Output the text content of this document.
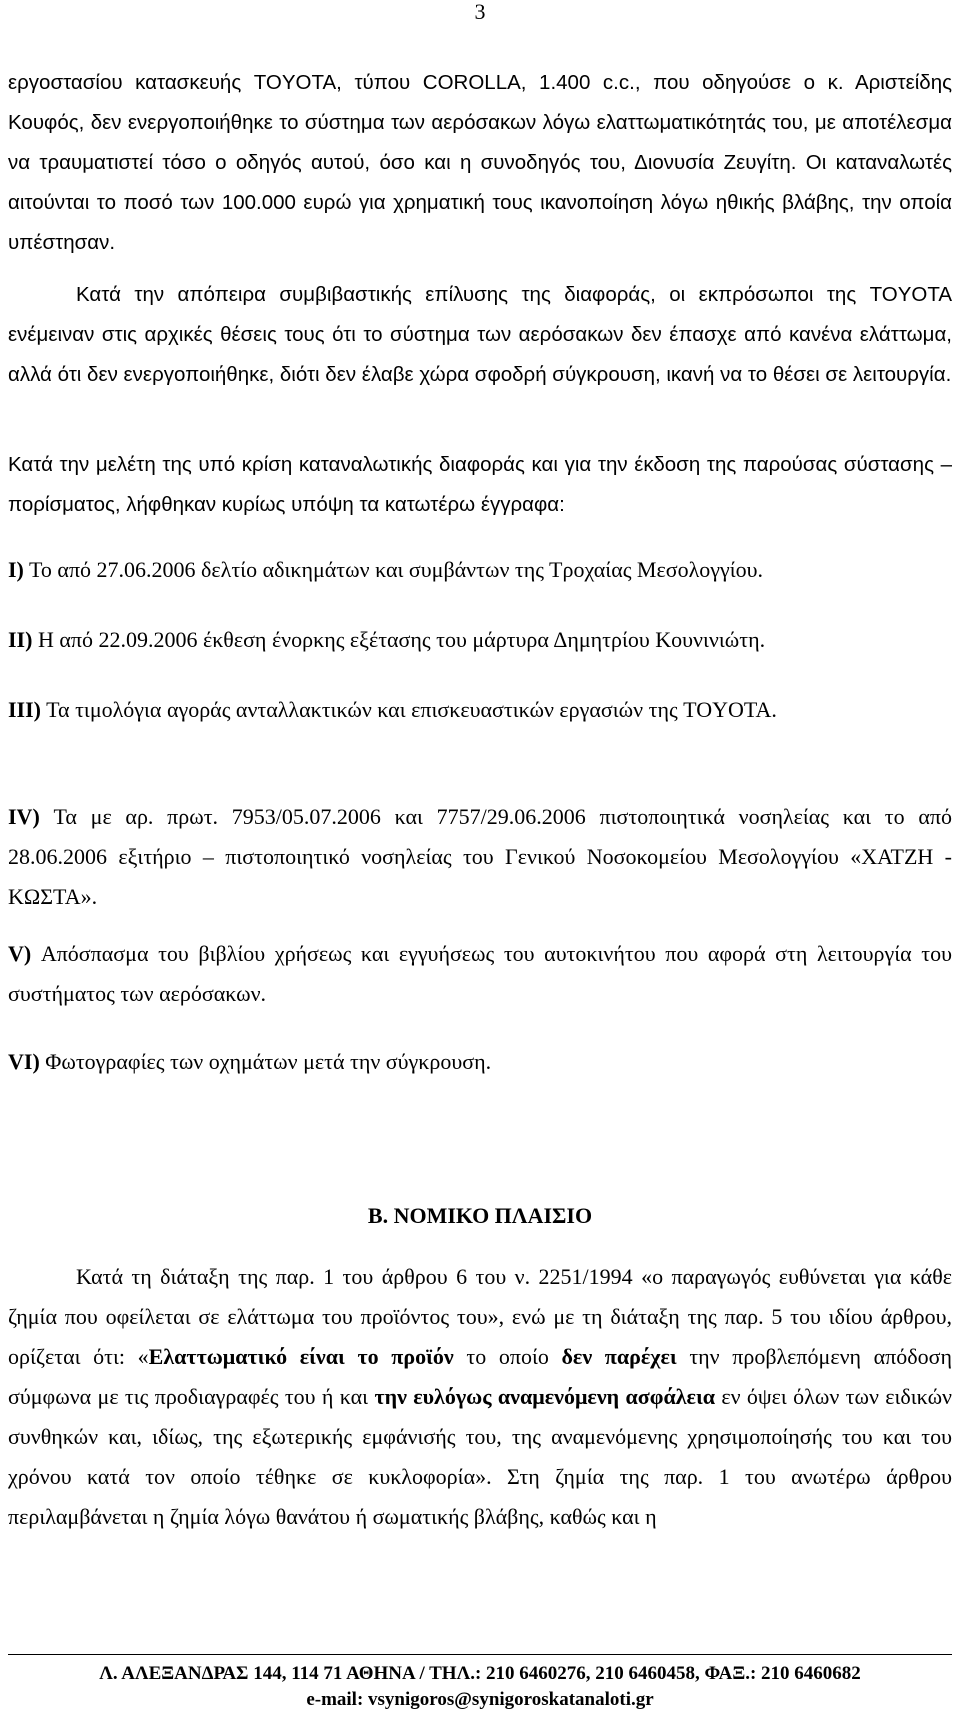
3
εργοστασίου κατασκευής TOYOTA, τύπου COROLLA, 1.400 c.c., που οδηγούσε ο κ. Αριστείδης Κουφός, δεν ενεργοποιήθηκε το σύστημα των αερόσακων λόγω ελαττωματικότητάς του, με αποτέλεσμα να τραυματιστεί τόσο ο οδηγός αυτού, όσο και η συνοδηγός του, Διονυσία Ζευγίτη. Οι καταναλωτές αιτούνται το ποσό των 100.000 ευρώ για χρηματική τους ικανοποίηση λόγω ηθικής βλάβης, την οποία υπέστησαν.
Κατά την απόπειρα συμβιβαστικής επίλυσης της διαφοράς, οι εκπρόσωποι της TOYOTA ενέμειναν στις αρχικές θέσεις τους ότι το σύστημα των αερόσακων δεν έπασχε από κανένα ελάττωμα, αλλά ότι δεν ενεργοποιήθηκε, διότι δεν έλαβε χώρα σφοδρή σύγκρουση, ικανή να το θέσει σε λειτουργία.
Κατά την μελέτη της υπό κρίση καταναλωτικής διαφοράς και για την έκδοση της παρούσας σύστασης – πορίσματος, λήφθηκαν κυρίως υπόψη τα κατωτέρω έγγραφα:
Ι) Το από 27.06.2006 δελτίο αδικημάτων και συμβάντων της Τροχαίας Μεσολογγίου.
ΙΙ) Η από 22.09.2006 έκθεση ένορκης εξέτασης του μάρτυρα Δημητρίου Κουνινιώτη.
ΙΙΙ) Τα τιμολόγια αγοράς ανταλλακτικών και επισκευαστικών εργασιών της TOYOTA.
IV) Τα με αρ. πρωτ. 7953/05.07.2006 και 7757/29.06.2006 πιστοποιητικά νοσηλείας και το από 28.06.2006 εξιτήριο – πιστοποιητικό νοσηλείας του Γενικού Νοσοκομείου Μεσολογγίου «ΧΑΤΖΗ - ΚΩΣΤΑ».
V) Απόσπασμα του βιβλίου χρήσεως και εγγυήσεως του αυτοκινήτου που αφορά στη λειτουργία του συστήματος των αερόσακων.
VI) Φωτογραφίες των οχημάτων μετά την σύγκρουση.
Β. ΝΟΜΙΚΟ ΠΛΑΙΣΙΟ
Κατά τη διάταξη της παρ. 1 του άρθρου 6 του ν. 2251/1994 «ο παραγωγός ευθύνεται για κάθε ζημία που οφείλεται σε ελάττωμα του προϊόντος του», ενώ με τη διάταξη της παρ. 5 του ιδίου άρθρου, ορίζεται ότι: «Ελαττωματικό είναι το προϊόν το οποίο δεν παρέχει την προβλεπόμενη απόδοση σύμφωνα με τις προδιαγραφές του ή και την ευλόγως αναμενόμενη ασφάλεια εν όψει όλων των ειδικών συνθηκών και, ιδίως, της εξωτερικής εμφάνισής του, της αναμενόμενης χρησιμοποίησής του και του χρόνου κατά τον οποίο τέθηκε σε κυκλοφορία». Στη ζημία της παρ. 1 του ανωτέρω άρθρου περιλαμβάνεται η ζημία λόγω θανάτου ή σωματικής βλάβης, καθώς και η
Λ. ΑΛΕΞΑΝΔΡΑΣ 144, 114 71 ΑΘΗΝΑ / ΤΗΛ.: 210 6460276, 210 6460458, ΦΑΞ.: 210 6460682
e-mail: vsynigoros@synigoroskatanaloti.gr
